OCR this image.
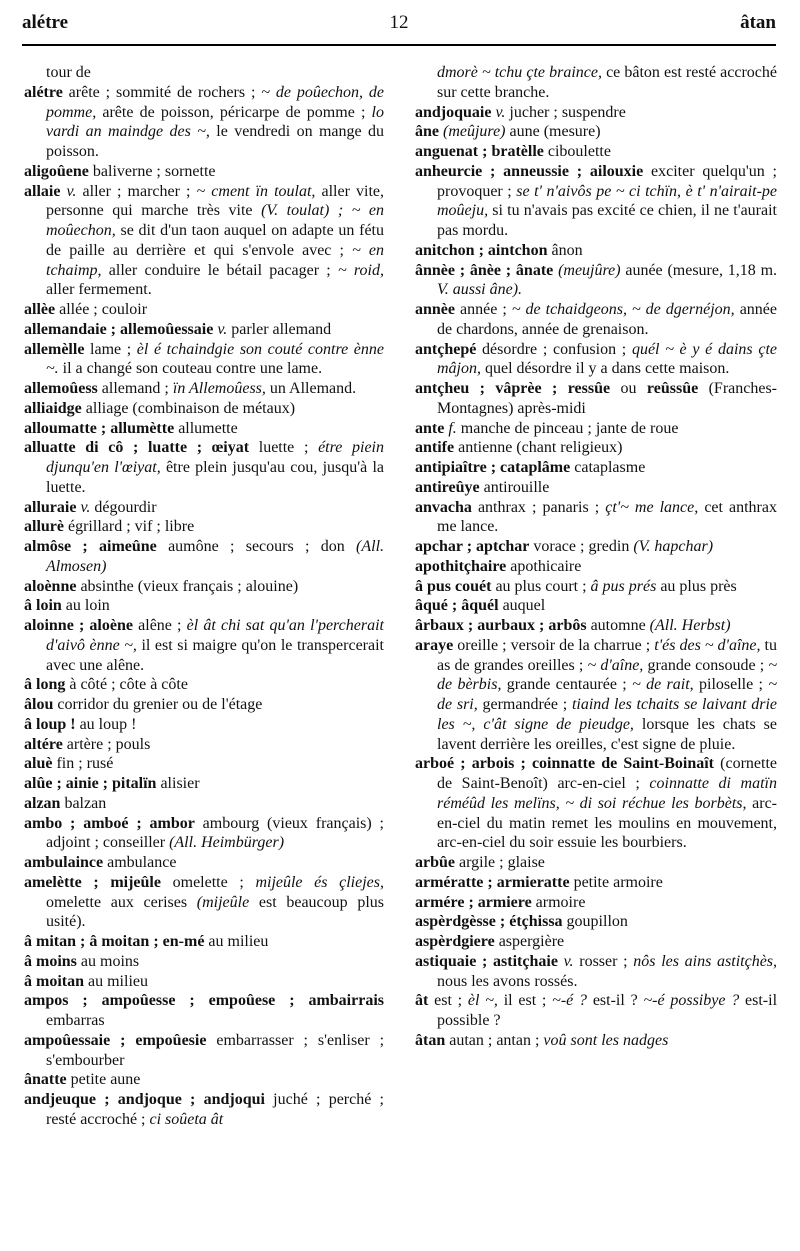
alétre	12	âtan

tour de

alétre arête ; sommité de rochers ; ~ de poûechon, de pomme, arête de poisson, péricarpe de pomme ; lo vardi an maindge des ~, le vendredi on mange du poisson.

aligoûene baliverne ; sornette

allaie v. aller ; marcher ; ~ cment ïn toulat, aller vite, personne qui marche très vite (V. toulat) ; ~ en moûechon, se dit d'un taon auquel on adapte un fétu de paille au derrière et qui s'envole avec ; ~ en tchaimp, aller conduire le bétail pacager ; ~ roid, aller fermement.

allèe allée ; couloir

allemandaie ; allemoûessaie v. parler allemand

allemèlle lame ; èl é tchaindgie son couté contre ènne ~. il a changé son couteau contre une lame.

allemoûess allemand ; ïn Allemoûess, un Allemand.

alliaidge alliage (combinaison de métaux)

alloumatte ; allumètte allumette

alluatte di cô ; luatte ; œiyat luette ; étre piein djunqu'en l'œiyat, être plein jusqu'au cou, jusqu'à la luette.

alluraie v. dégourdir

allurè égrillard ; vif ; libre

almôse ; aimeûne aumône ; secours ; don (All. Almosen)

aloènne absinthe (vieux français ; alouine)

â loin au loin

aloinne ; aloène alêne ; èl ât chi sat qu'an l'percherait d'aivô ènne ~, il est si maigre qu'on le transpercerait avec une alêne.

â long à côté ; côte à côte

âlou corridor du grenier ou de l'étage

â loup ! au loup !

altére artère ; pouls

aluè fin ; rusé

alûe ; ainie ; pitalïn alisier

alzan balzan

ambo ; amboé ; ambor ambourg (vieux français) ; adjoint ; conseiller (All. Heimbürger)

ambulaince ambulance

amelètte ; mijeûle omelette ; mijeûle és çliejes, omelette aux cerises (mijeûle est beaucoup plus usité).

â mitan ; â moitan ; en-mé au milieu

â moins au moins

â moitan au milieu

ampos ; ampoûesse ; empoûese ; ambairrais embarras

ampoûessaie ; empoûesie embarrasser ; s'enliser ; s'embourber

ânatte petite aune

andjeuque ; andjoque ; andjoqui juché ; perché ; resté accroché ; ci soûeta ât

dmorè ~ tchu çte braince, ce bâton est resté accroché sur cette branche.

andjoquaie v. jucher ; suspendre

âne (meûjure) aune (mesure)

anguenat ; bratèlle ciboulette

anheurcie ; anneussie ; ailouxie exciter quelqu'un ; provoquer ; se t' n'aivôs pe ~ ci tchïn, è t' n'airait-pe moûeju, si tu n'avais pas excité ce chien, il ne t'aurait pas mordu.

anitchon ; aintchon ânon

ânnèe ; ânèe ; ânate (meujûre) aunée (mesure, 1,18 m. V. aussi âne).

annèe année ; ~ de tchaidgeons, ~ de dgernéjon, année de chardons, année de grenaison.

antçhepé désordre ; confusion ; quél ~ è y é dains çte mâjon, quel désordre il y a dans cette maison.

antçheu ; vâprèe ; ressûe ou reûssûe (Franches-Montagnes) après-midi

ante f. manche de pinceau ; jante de roue

antife antienne (chant religieux)

antipiaître ; cataplâme cataplasme

antireûye antirouille

anvacha anthrax ; panaris ; çt'~ me lance, cet anthrax me lance.

apchar ; aptchar vorace ; gredin (V. hapchar)

apothitçhaire apothicaire

â pus couét au plus court ; â pus prés au plus près

âqué ; âquél auquel

ârbaux ; aurbaux ; arbôs automne (All. Herbst)

araye oreille ; versoir de la charrue ; t'és des ~ d'aîne, tu as de grandes oreilles ; ~ d'aîne, grande consoude ; ~ de bèrbis, grande centaurée ; ~ de rait, piloselle ; ~ de sri, germandrée ; tiaind les tchaits se laivant drie les ~, c'ât signe de pieudge, lorsque les chats se lavent derrière les oreilles, c'est signe de pluie.

arboé ; arbois ; coinnatte de Saint-Boinaît (cornette de Saint-Benoît) arc-en-ciel ; coinnatte di matïn réméûd les melïns, ~ di soi réchue les borbèts, arc-en-ciel du matin remet les moulins en mouvement, arc-en-ciel du soir essuie les bourbiers.

arbûe argile ; glaise

armératte ; armieratte petite armoire

armére ; armiere armoire

aspèrdgèsse ; étçhissa goupillon

aspèrdgiere aspergière

astiquaie ; astitçhaie v. rosser ; nôs les ains astitçhès, nous les avons rossés.

ât est ; èl ~, il est ; ~-é ? est-il ? ~-é possibye ? est-il possible ?

âtan autan ; antan ; voû sont les nadges
